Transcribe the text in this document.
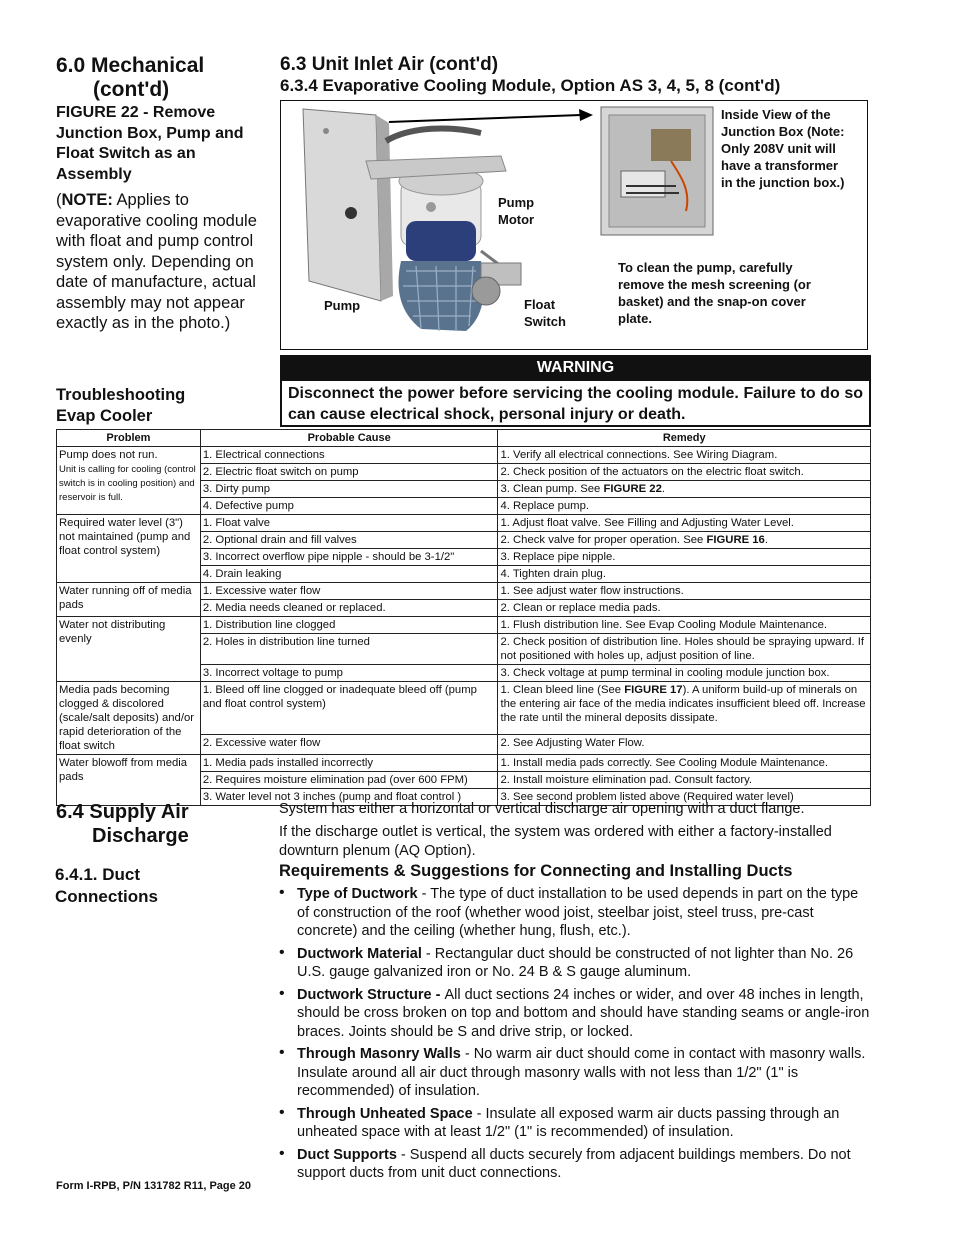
6.0 Mechanical
(cont'd)
FIGURE 22 - Remove Junction Box, Pump and Float Switch as an Assembly
(NOTE: Applies to evaporative cooling module with float and pump control system only. Depending on date of manufacture, actual assembly may not appear exactly as in the photo.)
Troubleshooting
Evap Cooler
6.3 Unit Inlet Air (cont'd)
6.3.4 Evaporative Cooling Module, Option AS 3, 4, 5, 8 (cont'd)
Inside View of the Junction Box (Note: Only 208V unit will have a transformer in the junction box.)
Pump
Motor
Pump	Float
Switch
To clean the pump, carefully remove the mesh screening (or basket) and the snap-on cover plate.
WARNING
Disconnect the power before servicing the cooling module. Failure to do so can cause electrical shock, personal injury or death.
Problem	Probable Cause	Remedy
Pump does not run.
Unit is calling for cooling (control switch is in cooling position) and reservoir is full.	1. Electrical connections	1. Verify all electrical connections. See Wiring Diagram.
	2. Electric float switch on pump	2. Check position of the actuators on the electric float switch.
	3. Dirty pump	3. Clean pump. See FIGURE 22.
	4. Defective pump	4. Replace pump.
Required water level (3") not maintained (pump and float control system)	1. Float valve	1. Adjust float valve. See Filling and Adjusting Water Level.
	2. Optional drain and fill valves	2. Check valve for proper operation. See FIGURE 16.
	3. Incorrect overflow pipe nipple - should be 3-1/2"	3. Replace pipe nipple.
	4. Drain leaking	4. Tighten drain plug.
Water running off of media pads	1. Excessive water flow	1. See adjust water flow instructions.
	2. Media needs cleaned or replaced.	2. Clean or replace media pads.
Water not distributing evenly	1. Distribution line clogged	1. Flush distribution line. See Evap Cooling Module Maintenance.
	2. Holes in distribution line turned	2. Check position of distribution line. Holes should be spraying upward. If not positioned with holes up, adjust position of line.
	3. Incorrect voltage to pump	3. Check voltage at pump terminal in cooling module junction box.
Media pads becoming clogged & discolored (scale/salt deposits) and/or rapid deterioration of the float switch	1. Bleed off line clogged or inadequate bleed off (pump and float control system)	1. Clean bleed line (See FIGURE 17). A uniform build-up of minerals on the entering air face of the media indicates insufficient bleed off. Increase the rate until the mineral deposits dissipate.
	2. Excessive water flow	2. See Adjusting Water Flow.
Water blowoff from media pads	1. Media pads installed incorrectly	1. Install media pads correctly. See Cooling Module Maintenance.
	2. Requires moisture elimination pad (over 600 FPM)	2. Install moisture elimination pad. Consult factory.
	3. Water level not 3 inches (pump and float control )	3. See second problem listed above (Required water level)
6.4 Supply Air
Discharge
6.4.1. Duct
Connections
System has either a horizontal or vertical discharge air opening with a duct flange.
If the discharge outlet is vertical, the system was ordered with either a factory-installed downturn plenum (AQ Option).
Requirements & Suggestions for Connecting and Installing Ducts
• Type of Ductwork - The type of duct installation to be used depends in part on the type of construction of the roof (whether wood joist, steelbar joist, steel truss, pre-cast concrete) and the ceiling (whether hung, flush, etc.).
• Ductwork Material - Rectangular duct should be constructed of not lighter than No. 26 U.S. gauge galvanized iron or No. 24 B & S gauge aluminum.
• Ductwork Structure - All duct sections 24 inches or wider, and over 48 inches in length, should be cross broken on top and bottom and should have standing seams or angle-iron braces. Joints should be S and drive strip, or locked.
• Through Masonry Walls - No warm air duct should come in contact with masonry walls. Insulate around all air duct through masonry walls with not less than 1/2" (1" is recommended) of insulation.
• Through Unheated Space - Insulate all exposed warm air ducts passing through an unheated space with at least 1/2" (1" is recommended) of insulation.
• Duct Supports - Suspend all ducts securely from adjacent buildings members. Do not support ducts from unit duct connections.
Form I-RPB, P/N 131782 R11, Page 20
